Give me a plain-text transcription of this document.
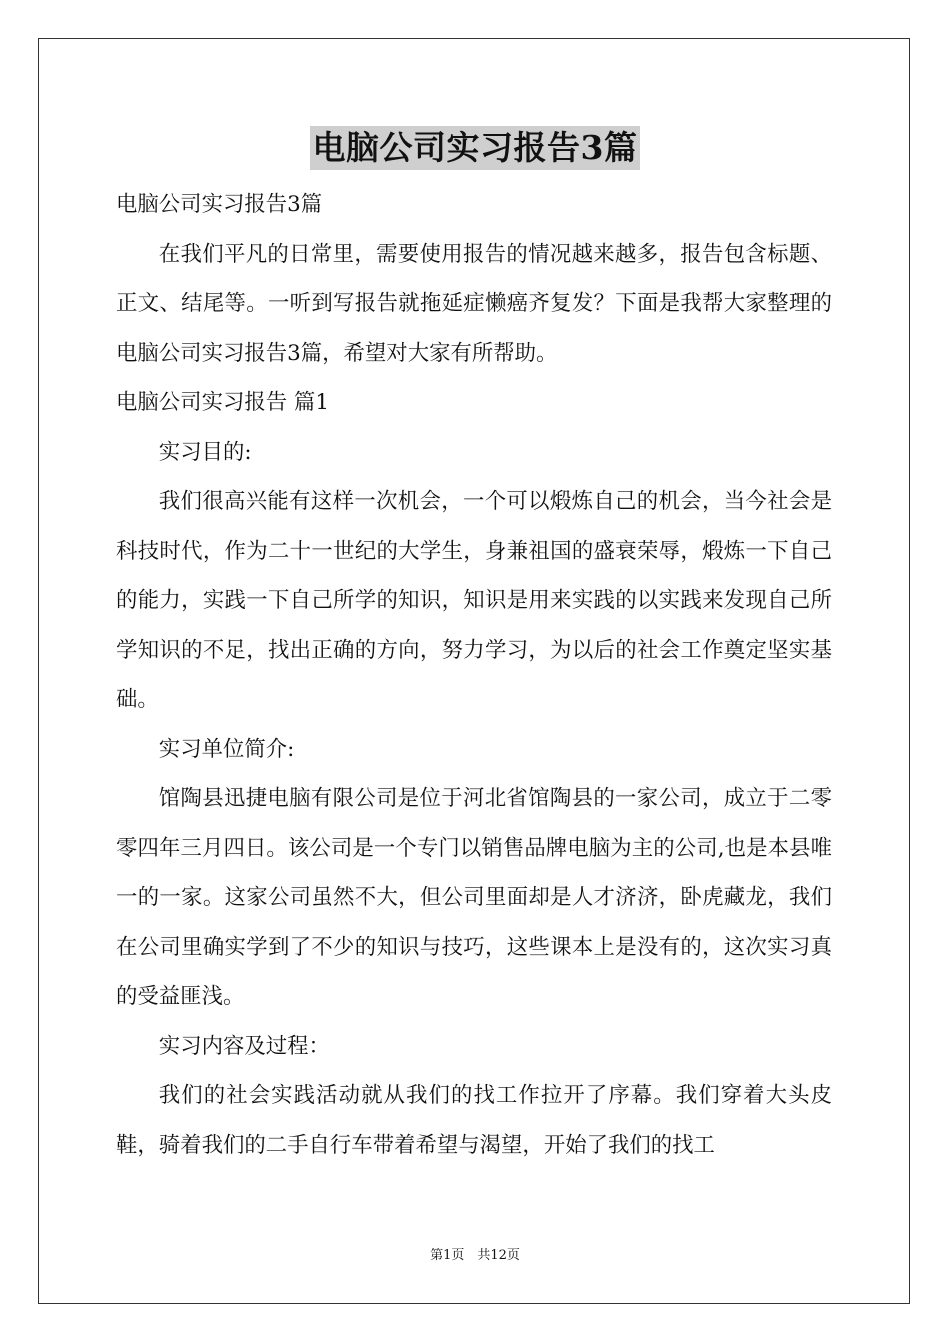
电脑公司实习报告3篇

电脑公司实习报告3篇

在我们平凡的日常里，需要使用报告的情况越来越多，报告包含标题、正文、结尾等。一听到写报告就拖延症懒癌齐复发？下面是我帮大家整理的电脑公司实习报告3篇，希望对大家有所帮助。

电脑公司实习报告 篇1

实习目的:

我们很高兴能有这样一次机会，一个可以煅炼自己的机会，当今社会是科技时代，作为二十一世纪的大学生，身兼祖国的盛衰荣辱，煅炼一下自己的能力，实践一下自己所学的知识，知识是用来实践的以实践来发现自己所学知识的不足，找出正确的方向，努力学习，为以后的社会工作奠定坚实基础。

实习单位简介:

馆陶县迅捷电脑有限公司是位于河北省馆陶县的一家公司，成立于二零零四年三月四日。该公司是一个专门以销售品牌电脑为主的公司,也是本县唯一的一家。这家公司虽然不大，但公司里面却是人才济济，卧虎藏龙，我们在公司里确实学到了不少的知识与技巧，这些课本上是没有的，这次实习真的受益匪浅。

实习内容及过程：

我们的社会实践活动就从我们的找工作拉开了序幕。我们穿着大头皮鞋，骑着我们的二手自行车带着希望与渴望，开始了我们的找工

第1页　共12页
